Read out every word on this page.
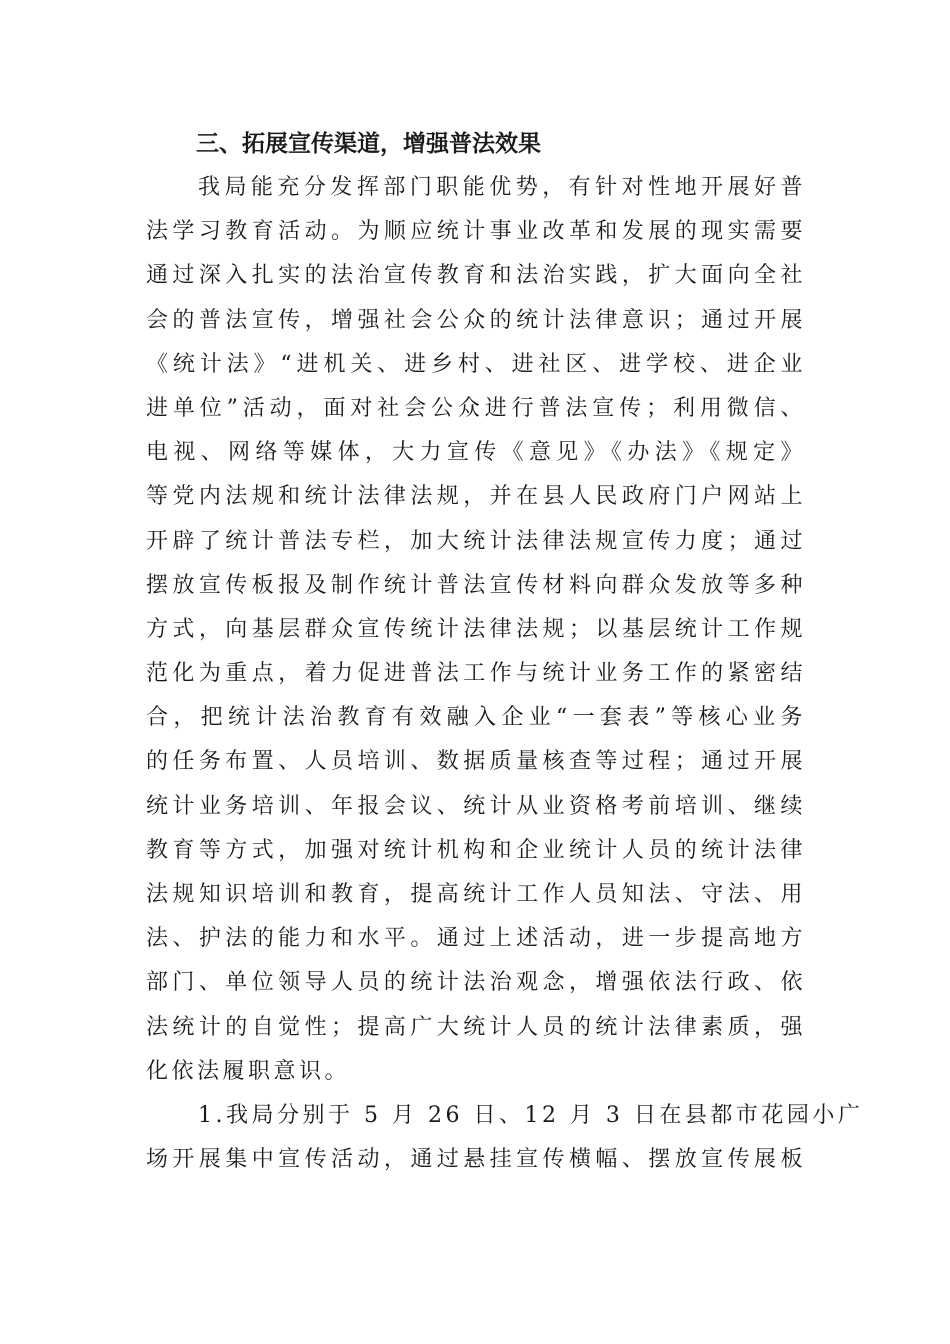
三、拓展宣传渠道，增强普法效果
我局能充分发挥部门职能优势，有针对性地开展好普
法学习教育活动。为顺应统计事业改革和发展的现实需要
通过深入扎实的法治宣传教育和法治实践，扩大面向全社
会的普法宣传，增强社会公众的统计法律意识；通过开展
《统计法》“进机关、进乡村、进社区、进学校、进企业
进单位”活动，面对社会公众进行普法宣传；利用微信、
电视、网络等媒体，大力宣传《意见》《办法》《规定》
等党内法规和统计法律法规，并在县人民政府门户网站上
开辟了统计普法专栏，加大统计法律法规宣传力度；通过
摆放宣传板报及制作统计普法宣传材料向群众发放等多种
方式，向基层群众宣传统计法律法规；以基层统计工作规
范化为重点，着力促进普法工作与统计业务工作的紧密结
合，把统计法治教育有效融入企业“一套表”等核心业务
的任务布置、人员培训、数据质量核查等过程；通过开展
统计业务培训、年报会议、统计从业资格考前培训、继续
教育等方式，加强对统计机构和企业统计人员的统计法律
法规知识培训和教育，提高统计工作人员知法、守法、用
法、护法的能力和水平。通过上述活动，进一步提高地方
部门、单位领导人员的统计法治观念，增强依法行政、依
法统计的自觉性；提高广大统计人员的统计法律素质，强
化依法履职意识。
1.我局分别于 5 月 26 日、12 月 3 日在县都市花园小广
场开展集中宣传活动，通过悬挂宣传横幅、摆放宣传展板
